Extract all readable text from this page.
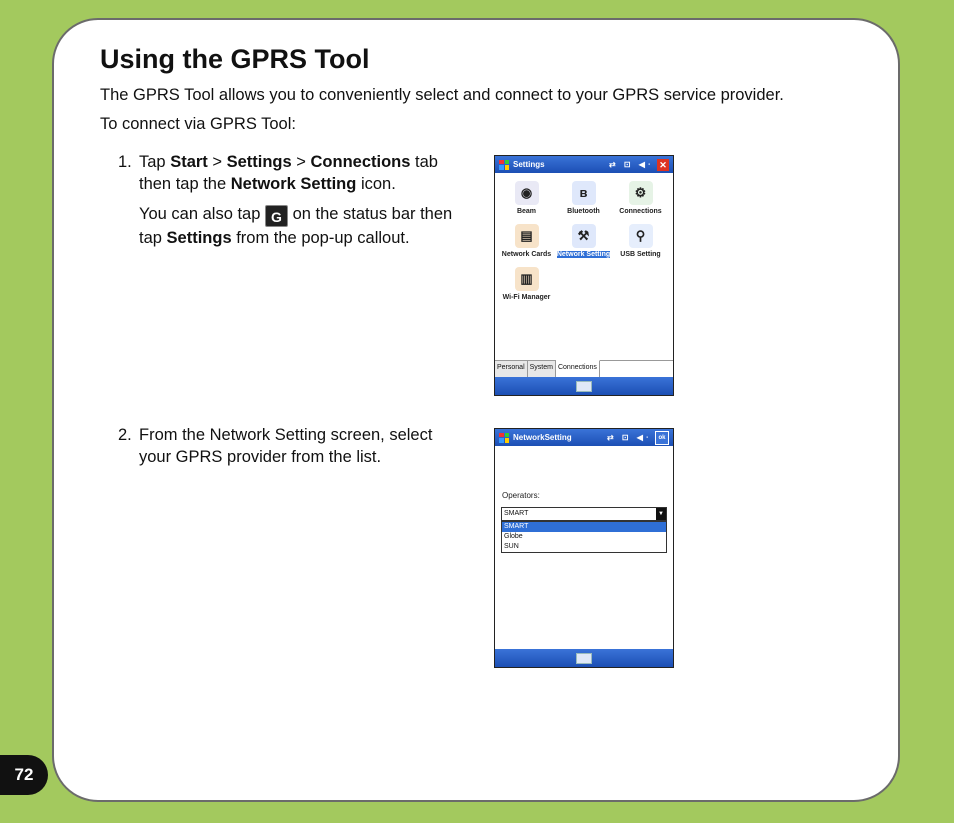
Using the GPRS Tool
The GPRS Tool allows you to conveniently select and connect to your GPRS service provider.
To connect via GPRS Tool:
1. Tap Start > Settings > Connections tab then tap the Network Setting icon.

You can also tap G on the status bar then tap Settings from the pop-up callout.

2. From the Network Setting screen, select your GPRS provider from the list.

Settings	⇄ ⊡ ◀ᐧ ✕
◉
Beam
ʙ
Bluetooth
⚙
Connections
▤
Network Cards
⚒
Network Setting
⚲
USB Setting
▥
Wi-Fi Manager
Personal System Connections
NetworkSetting	⇄ ⊡ ◀ᐧ	ok
Operators:
SMART	▼
SMART
Globe
SUN
72
